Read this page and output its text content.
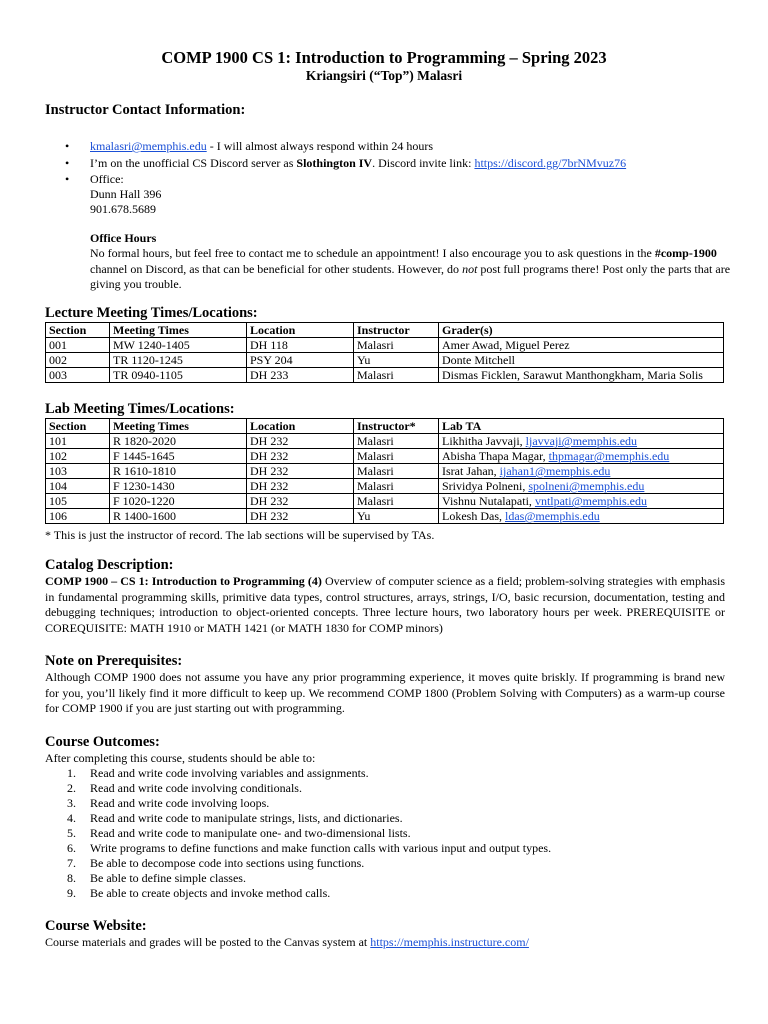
COMP 1900 CS 1: Introduction to Programming – Spring 2023
Kriangsiri (“Top”) Malasri
Instructor Contact Information:
• kmalasri@memphis.edu - I will almost always respond within 24 hours
• I’m on the unofficial CS Discord server as Slothington IV. Discord invite link: https://discord.gg/7brNMvuz76
• Office:
Dunn Hall 396
901.678.5689
Office Hours
No formal hours, but feel free to contact me to schedule an appointment! I also encourage you to ask questions in the #comp-1900 channel on Discord, as that can be beneficial for other students. However, do not post full programs there! Post only the parts that are giving you trouble.
Lecture Meeting Times/Locations:
Section	Meeting Times	Location	Instructor	Grader(s)
001	MW 1240-1405	DH 118	Malasri	Amer Awad, Miguel Perez
002	TR 1120-1245	PSY 204	Yu	Donte Mitchell
003	TR 0940-1105	DH 233	Malasri	Dismas Ficklen, Sarawut Manthongkham, Maria Solis
Lab Meeting Times/Locations:
Section	Meeting Times	Location	Instructor*	Lab TA
101	R 1820-2020	DH 232	Malasri	Likhitha Javvaji, ljavvaji@memphis.edu
102	F 1445-1645	DH 232	Malasri	Abisha Thapa Magar, thpmagar@memphis.edu
103	R 1610-1810	DH 232	Malasri	Israt Jahan, ijahan1@memphis.edu
104	F 1230-1430	DH 232	Malasri	Srividya Polneni, spolneni@memphis.edu
105	F 1020-1220	DH 232	Malasri	Vishnu Nutalapati, vntlpati@memphis.edu
106	R 1400-1600	DH 232	Yu	Lokesh Das, ldas@memphis.edu
* This is just the instructor of record. The lab sections will be supervised by TAs.
Catalog Description:
COMP 1900 – CS 1: Introduction to Programming (4) Overview of computer science as a field; problem-solving strategies with emphasis in fundamental programming skills, primitive data types, control structures, arrays, strings, I/O, basic recursion, documentation, testing and debugging techniques; introduction to object-oriented concepts. Three lecture hours, two laboratory hours per week. PREREQUISITE or COREQUISITE: MATH 1910 or MATH 1421 (or MATH 1830 for COMP minors)
Note on Prerequisites:
Although COMP 1900 does not assume you have any prior programming experience, it moves quite briskly. If programming is brand new for you, you’ll likely find it more difficult to keep up. We recommend COMP 1800 (Problem Solving with Computers) as a warm-up course for COMP 1900 if you are just starting out with programming.
Course Outcomes:
After completing this course, students should be able to:
1. Read and write code involving variables and assignments.
2. Read and write code involving conditionals.
3. Read and write code involving loops.
4. Read and write code to manipulate strings, lists, and dictionaries.
5. Read and write code to manipulate one- and two-dimensional lists.
6. Write programs to define functions and make function calls with various input and output types.
7. Be able to decompose code into sections using functions.
8. Be able to define simple classes.
9. Be able to create objects and invoke method calls.
Course Website:
Course materials and grades will be posted to the Canvas system at https://memphis.instructure.com/
